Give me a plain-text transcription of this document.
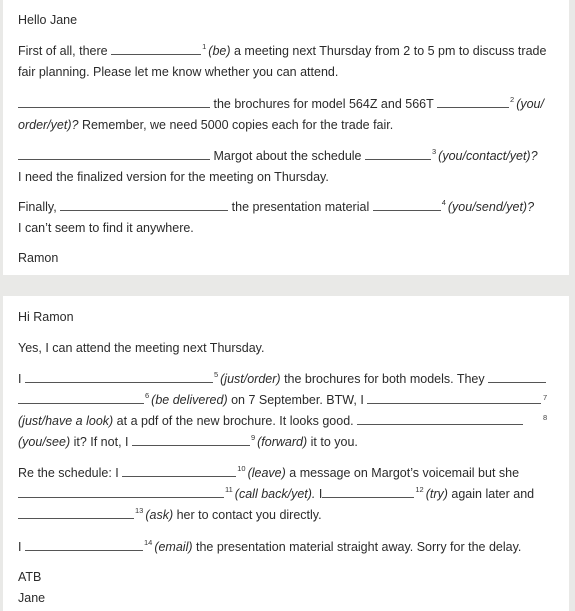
Hello Jane
First of all, there	$^1$ (be) a meeting next Thursday from 2 to 5 pm to discuss trade
fair planning. Please let me know whether you can attend.
the brochures for model 564Z and 566T	$^2$ (you/
order/yet)? Remember, we need 5000 copies each for the trade fair.
Margot about the schedule	$^3$ (you/contact/yet)?
I need the finalized version for the meeting on Thursday.
Finally,	the presentation material	$^4$ (you/send/yet)?
I can’t seem to find it anywhere.
Ramon
Hi Ramon
Yes, I can attend the meeting next Thursday.
I	$^5$ (just/order) the brochures for both models. They
7
$^6$ (be delivered) on 7 September. BTW, I
8
(just/have a look) at a pdf of the new brochure. It looks good.
(you/see) it? If not, I	$^9$ (forward) it to you.
Re the schedule: I	$^{10}$ (leave) a message on Margot’s voicemail but she
$^{11}$ (call back/yet). I	$^{12}$ (try) again later and
$^{13}$ (ask) her to contact you directly.
I	$^{14}$ (email) the presentation material straight away. Sorry for the delay.
ATB
Jane
